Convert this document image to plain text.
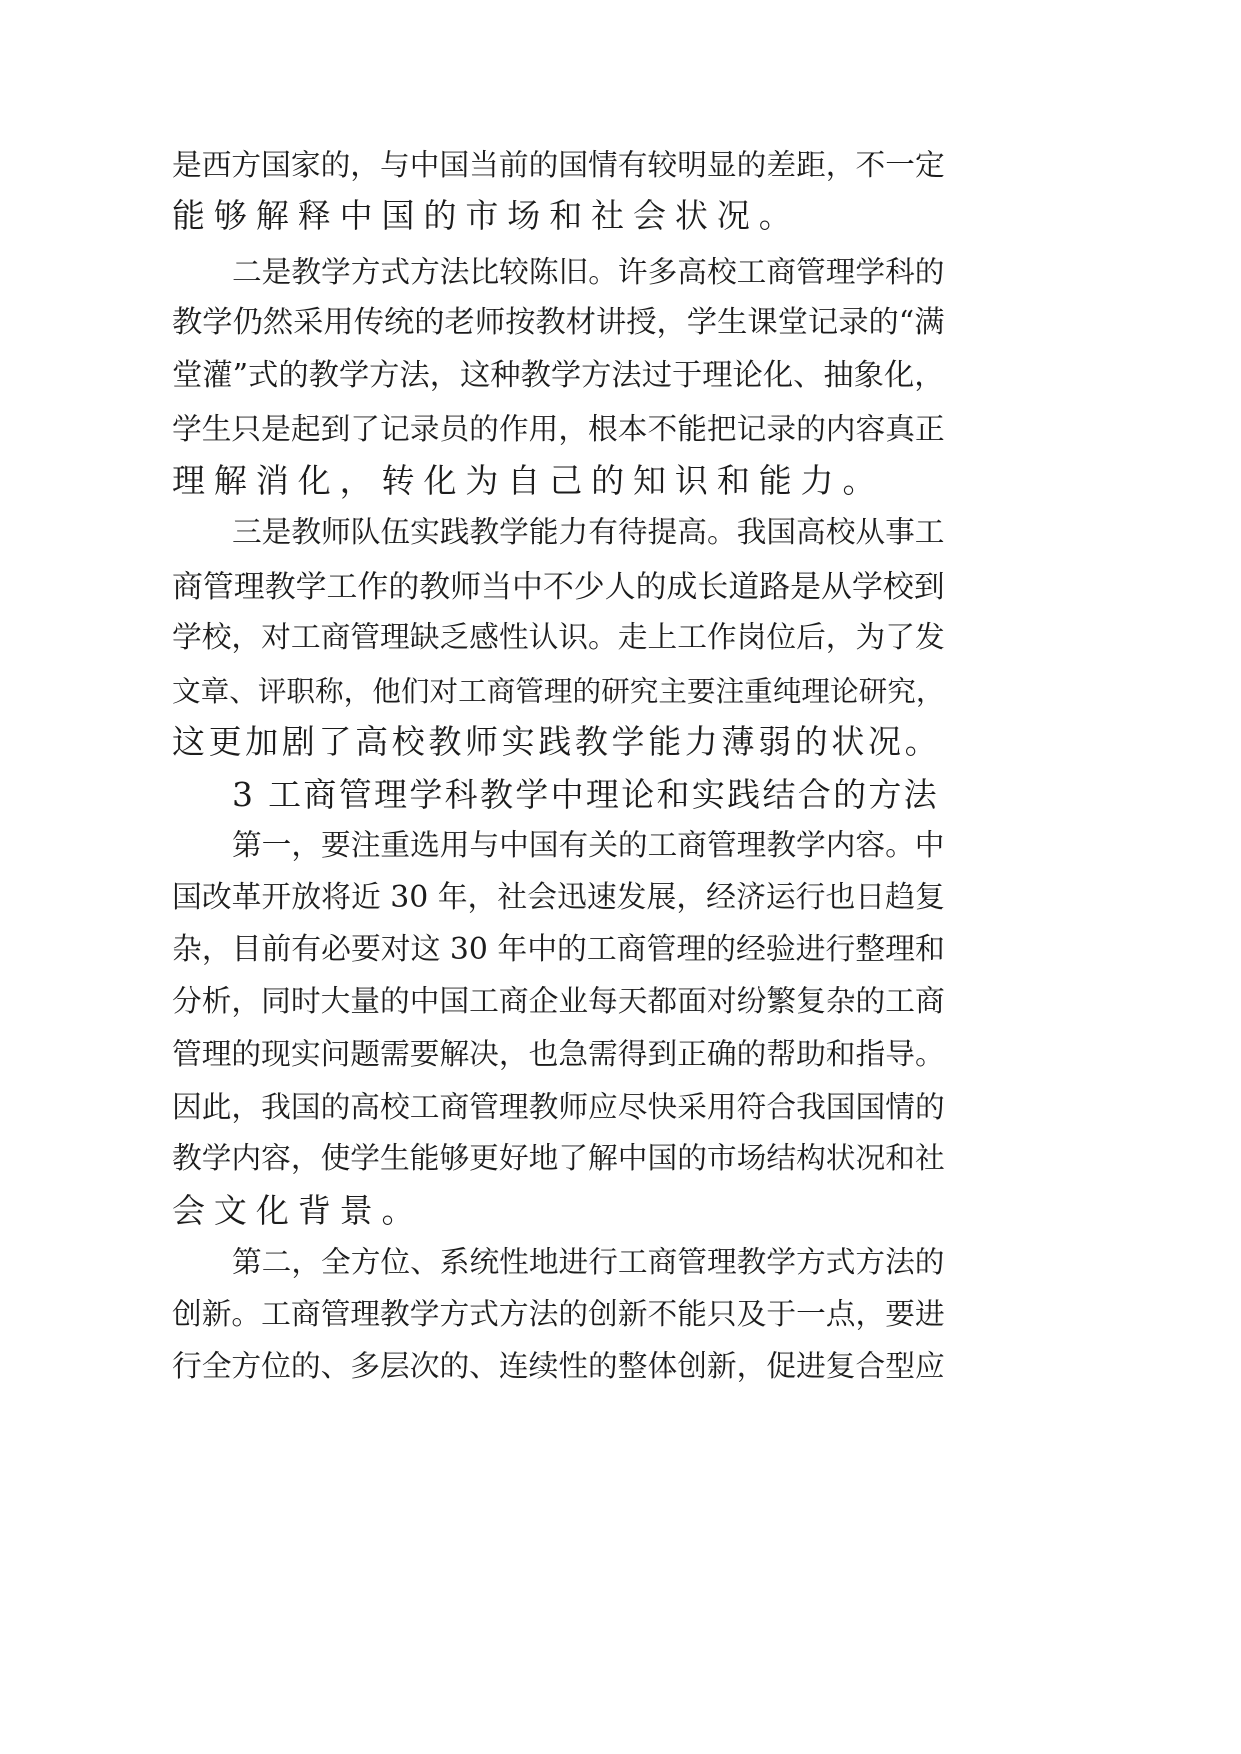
是西方国家的，与中国当前的国情有较明显的差距，不一定
能够解释中国的市场和社会状况。
二是教学方式方法比较陈旧。许多高校工商管理学科的
教学仍然采用传统的老师按教材讲授，学生课堂记录的“满
堂灌”式的教学方法，这种教学方法过于理论化、抽象化，
学生只是起到了记录员的作用，根本不能把记录的内容真正
理解消化，转化为自己的知识和能力。
三是教师队伍实践教学能力有待提高。我国高校从事工
商管理教学工作的教师当中不少人的成长道路是从学校到
学校，对工商管理缺乏感性认识。走上工作岗位后，为了发
文章、评职称，他们对工商管理的研究主要注重纯理论研究，
这更加剧了高校教师实践教学能力薄弱的状况。
3 工商管理学科教学中理论和实践结合的方法
第一，要注重选用与中国有关的工商管理教学内容。中
国改革开放将近 30 年，社会迅速发展，经济运行也日趋复
杂，目前有必要对这 30 年中的工商管理的经验进行整理和
分析，同时大量的中国工商企业每天都面对纷繁复杂的工商
管理的现实问题需要解决，也急需得到正确的帮助和指导。
因此，我国的高校工商管理教师应尽快采用符合我国国情的
教学内容，使学生能够更好地了解中国的市场结构状况和社
会文化背景。
第二，全方位、系统性地进行工商管理教学方式方法的
创新。工商管理教学方式方法的创新不能只及于一点，要进
行全方位的、多层次的、连续性的整体创新，促进复合型应
